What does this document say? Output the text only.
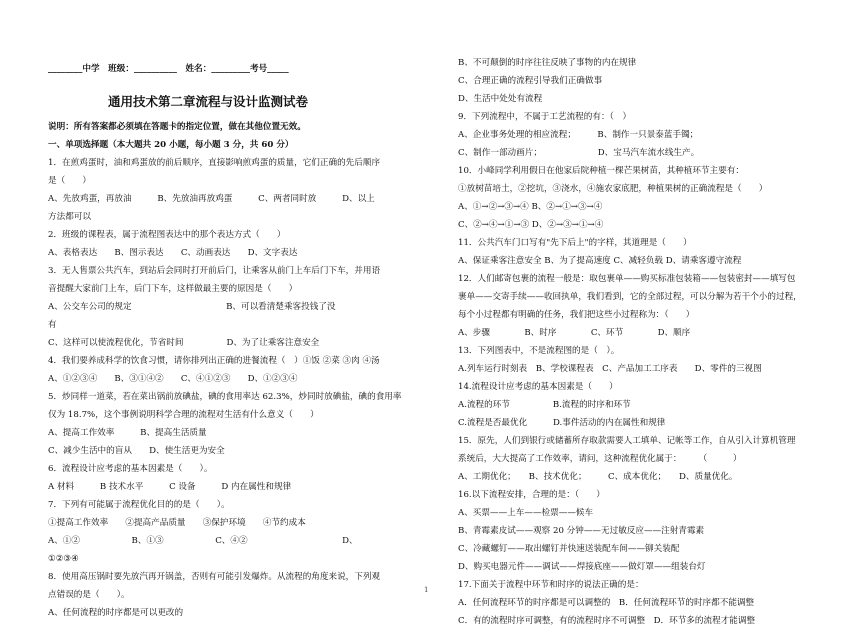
________中学　班级：__________　姓名：_________考号_____
通用技术第二章流程与设计监测试卷

说明：所有答案都必须填在答题卡的指定位置，做在其他位置无效。

一、单项选择题（本大题共 20 小题，每小题 3 分，共 60 分）

1．在煎鸡蛋时，油和鸡蛋放的前后顺序，直接影响煎鸡蛋的质量，它们正确的先后顺序

是（　　）

A、先放鸡蛋，再放油　　　B、先放油再放鸡蛋　　　C、两者同时放　　　D、以上

方法都可以

2．班级的课程表，属于流程图表达中的那个表达方式（　　）

A、表格表达　　B、图示表达　　C、动画表达　　D、文字表达

3．无人售票公共汽车，到站后会同时打开前后门，让乘客从前门上车后门下车，并用语

音提醒大家前门上车，后门下车，这样做最主要的原因是（　　）

A、公交车公司的规定　　　　　　　　　　　B、可以看清楚乘客投钱了没

有

C、这样可以使流程优化，节省时间　　　　　D、为了让乘客注意安全

4．我们要养成科学的饮食习惯，请你排列出正确的进餐流程（　）①饭 ②菜 ③肉 ④汤

A、①②③④　　B、③①④②　　C、④①②③　　D、①②③④

5．炒同样一道菜，若在菜出锅前放碘盐，碘的食用率达 62.3%，炒同时放碘盐，碘的食用率

仅为 18.7%，这个事例说明科学合理的流程对生活有什么意义（　　）

A、提高工作效率　　　B、提高生活质量

C、减少生活中的盲从　　D、使生活更为安全

6．流程设计应考虑的基本因素是（　　）。

A 材料　　　B 技术水平　　　C 设备　　　D 内在属性和规律

7．下列有可能属于流程优化目的的是（　　）。

①提高工作效率　　②提高产品质量　　③保护环境　　④节约成本

A、①②　　　　　　B、①③　　　　　　C、④②　　　　　　　　　　　D、

①②③④

8．使用高压锅时要先放汽再开锅盖，否则有可能引发爆炸。从流程的角度来说，下列观

点错误的是（　　）。

A、任何流程的时序都是可以更改的

B、不可颠倒的时序往往反映了事物的内在规律

C、合理正确的流程引导我们正确做事

D、生活中处处有流程

9．下列流程中，不属于工艺流程的有：（　）

A、企业事务处理的相应流程；　　　B、制作一只景泰蓝手镯；

C、制作一部动画片；　　　　　　　D、宝马汽车流水线生产。

10．小峰同学利用假日在他家后院种植一棵芒果树苗，其种植环节主要有：

①放树苗培土，②挖坑，③浇水，④施农家底肥，种植果树的正确流程是（　　）

A、①→②→③→④ B、②→①→③→④

C、②→④→①→③ D、②→③→①→④

11．公共汽车门口写有"先下后上"的字样，其道理是（　　）

A、保证乘客注意安全 B、为了提高速度 C、减轻负载 D、请乘客遵守流程

12．人们邮寄包裹的流程一般是：取包裹单——购买标准包装箱——包装密封——填写包

裹单——交寄手续——收回执单，我们看到，它的全部过程，可以分解为若干个小的过程，

每个小过程都有明确的任务，我们把这些小过程称为：（　　）

A、步骤　　　　B、时序　　　　C、环节　　　　D、顺序

13．下列图表中，不是流程图的是（　）。

A.列车运行时刻表　B、学校课程表　C、产品加工工序表　　D、零件的三视图

14.流程设计应考虑的基本因素是（　　）

A.流程的环节　　　　　B.流程的时序和环节

C.流程是否最优化　　　D.事件活动的内在属性和规律

15．原先，人们到银行或储蓄所存取款需要人工填单、记帐等工作，自从引入计算机管理

系统后，大大提高了工作效率，请问，这种流程优化属于：　　　（　　　）

A、工期优化；　　B、技术优化；　　　C、成本优化；　　D、质量优化。

16.以下流程安排，合理的是：（　　）

A、买票——上车——检票——候车

B、青霉素皮试——观察 20 分钟——无过敏反应——注射青霉素

C、冷藏螺钉——取出螺钉并快速送装配车间——铆关装配

D、购买电器元件——调试——焊接底座——做灯罩——组装台灯

17.下面关于流程中环节和时序的说法正确的是：

A．任何流程环节的时序都是可以调整的　B．任何流程环节的时序都不能调整

C．有的流程时序可调整，有的流程时序不可调整　D．环节多的流程才能调整

1
